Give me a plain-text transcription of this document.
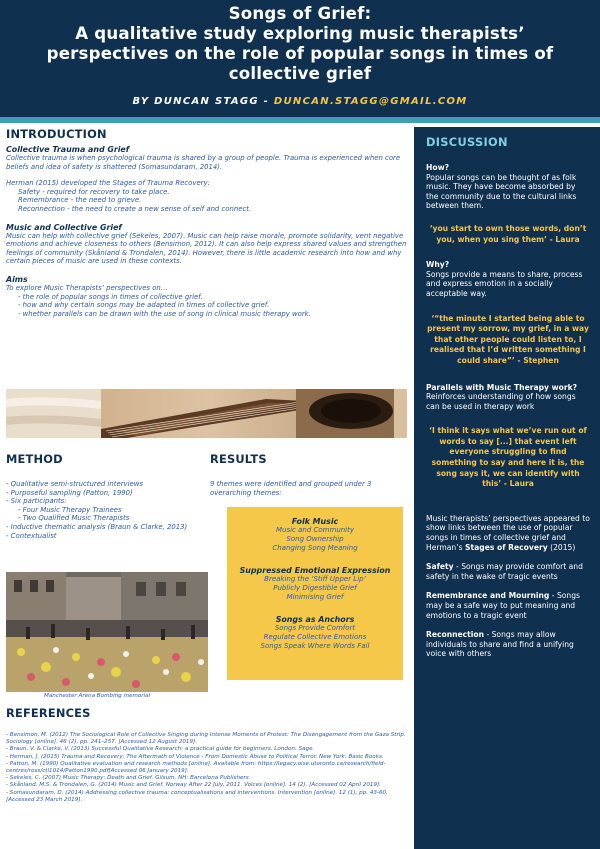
Songs of Grief:
A qualitative study exploring music therapists’
perspectives on the role of popular songs in times of
collective grief
BY DUNCAN STAGG - DUNCAN.STAGG@GMAIL.COM
INTRODUCTION
Collective Trauma and Grief
Collective trauma is when psychological trauma is shared by a group of people. Trauma is experienced when core beliefs and idea of safety is shattered (Somasundaram, 2014).
Herman (2015) developed the Stages of Trauma Recovery:
Safety - required for recovery to take place.
Remembrance - the need to grieve.
Reconnection - the need to create a new sense of self and connect.
Music and Collective Grief
Music can help with collective grief (Sekeles, 2007). Music can help raise morale, promote solidarity, vent negative emotions and achieve closeness to others (Bensimon, 2012). It can also help express shared values and strengthen feelings of community (Skånland & Trondalen, 2014). However, there is little academic research into how and why certain pieces of music are used in these contexts.
Aims
To explore Music Therapists’ perspectives on…
- the role of popular songs in times of collective grief.
- how and why certain songs may be adapted in times of collective grief.
- whether parallels can be drawn with the use of song in clinical music therapy work.
METHOD
- Qualitative semi-structured interviews
- Purposeful sampling (Patton, 1990)
- Six participants:
- Four Music Therapy Trainees
- Two Qualified Music Therapists
- Inductive thematic analysis (Braun & Clarke, 2013)
- Contextualist
Manchester Arena Bombing memorial
RESULTS
9 themes were identified and grouped under 3 overarching themes:
Folk Music
Music and Community
Song Ownership
Changing Song Meaning
Suppressed Emotional Expression
Breaking the ‘Stiff Upper Lip’
Publicly Digestible Grief
Minimising Grief
Songs as Anchors
Songs Provide Comfort
Regulate Collective Emotions
Songs Speak Where Words Fail
REFERENCES
- Bensimon, M. (2012) The Sociological Role of Collective Singing during Intense Moments of Protest: The Disengagement from the Gaza Strip. Sociology [online]. 46 (2), pp. 241–257. [Accessed 12 August 2019].
- Braun, V. & Clarke, V. (2013) Successful Qualitative Research: a practical guide for beginners. London: Sage.
- Herman, J. (2015) Trauma and Recovery: The Aftermath of Violence - From Domestic Abuse to Political Terror. New York: Basic Books.
- Patton, M. (1990) Qualitative evaluation and research methods [online]. Available from: https://legacy.oise.utoronto.ca/research/field- centres/ross/ctl1014/Patton1990.pdf[Accessed 06 January 2019].
- Sekeles, C. (2007) Music Therapy: Death and Grief. Gilsum, NH: Barcelona Publishers.
- Skånland, M.S. & Trondalen, G. (2014) Music and Grief. Norway After 22 July, 2011. Voices [online]. 14 (2). [Accessed 02 April 2019].
- Somasundaram, D. (2014) Addressing collective trauma: conceptualisations and interventions. Intervention [online]. 12 (1), pp. 43-60. [Accessed 23 March 2019].
DISCUSSION
How?
Popular songs can be thought of as folk music. They have become absorbed by the community due to the cultural links between them.
‘you start to own those words, don’t you, when you sing them’ - Laura
Why?
Songs provide a means to share, process and express emotion in a socially acceptable way.
‘“the minute I started being able to present my sorrow, my grief, in a way that other people could listen to, I realised that I’d written something I could share”’ - Stephen
Parallels with Music Therapy work?
Reinforces understanding of how songs can be used in therapy work
‘I think it says what we’ve run out of words to say [...] that event left everyone struggling to find something to say and here it is, the song says it, we can identify with this’ - Laura
Music therapists’ perspectives appeared to show links between the use of popular songs in times of collective grief and Herman’s Stages of Recovery (2015)
Safety - Songs may provide comfort and safety in the wake of tragic events
Remembrance and Mourning - Songs may be a safe way to put meaning and emotions to a tragic event
Reconnection - Songs may allow individuals to share and find a unifying voice with others
